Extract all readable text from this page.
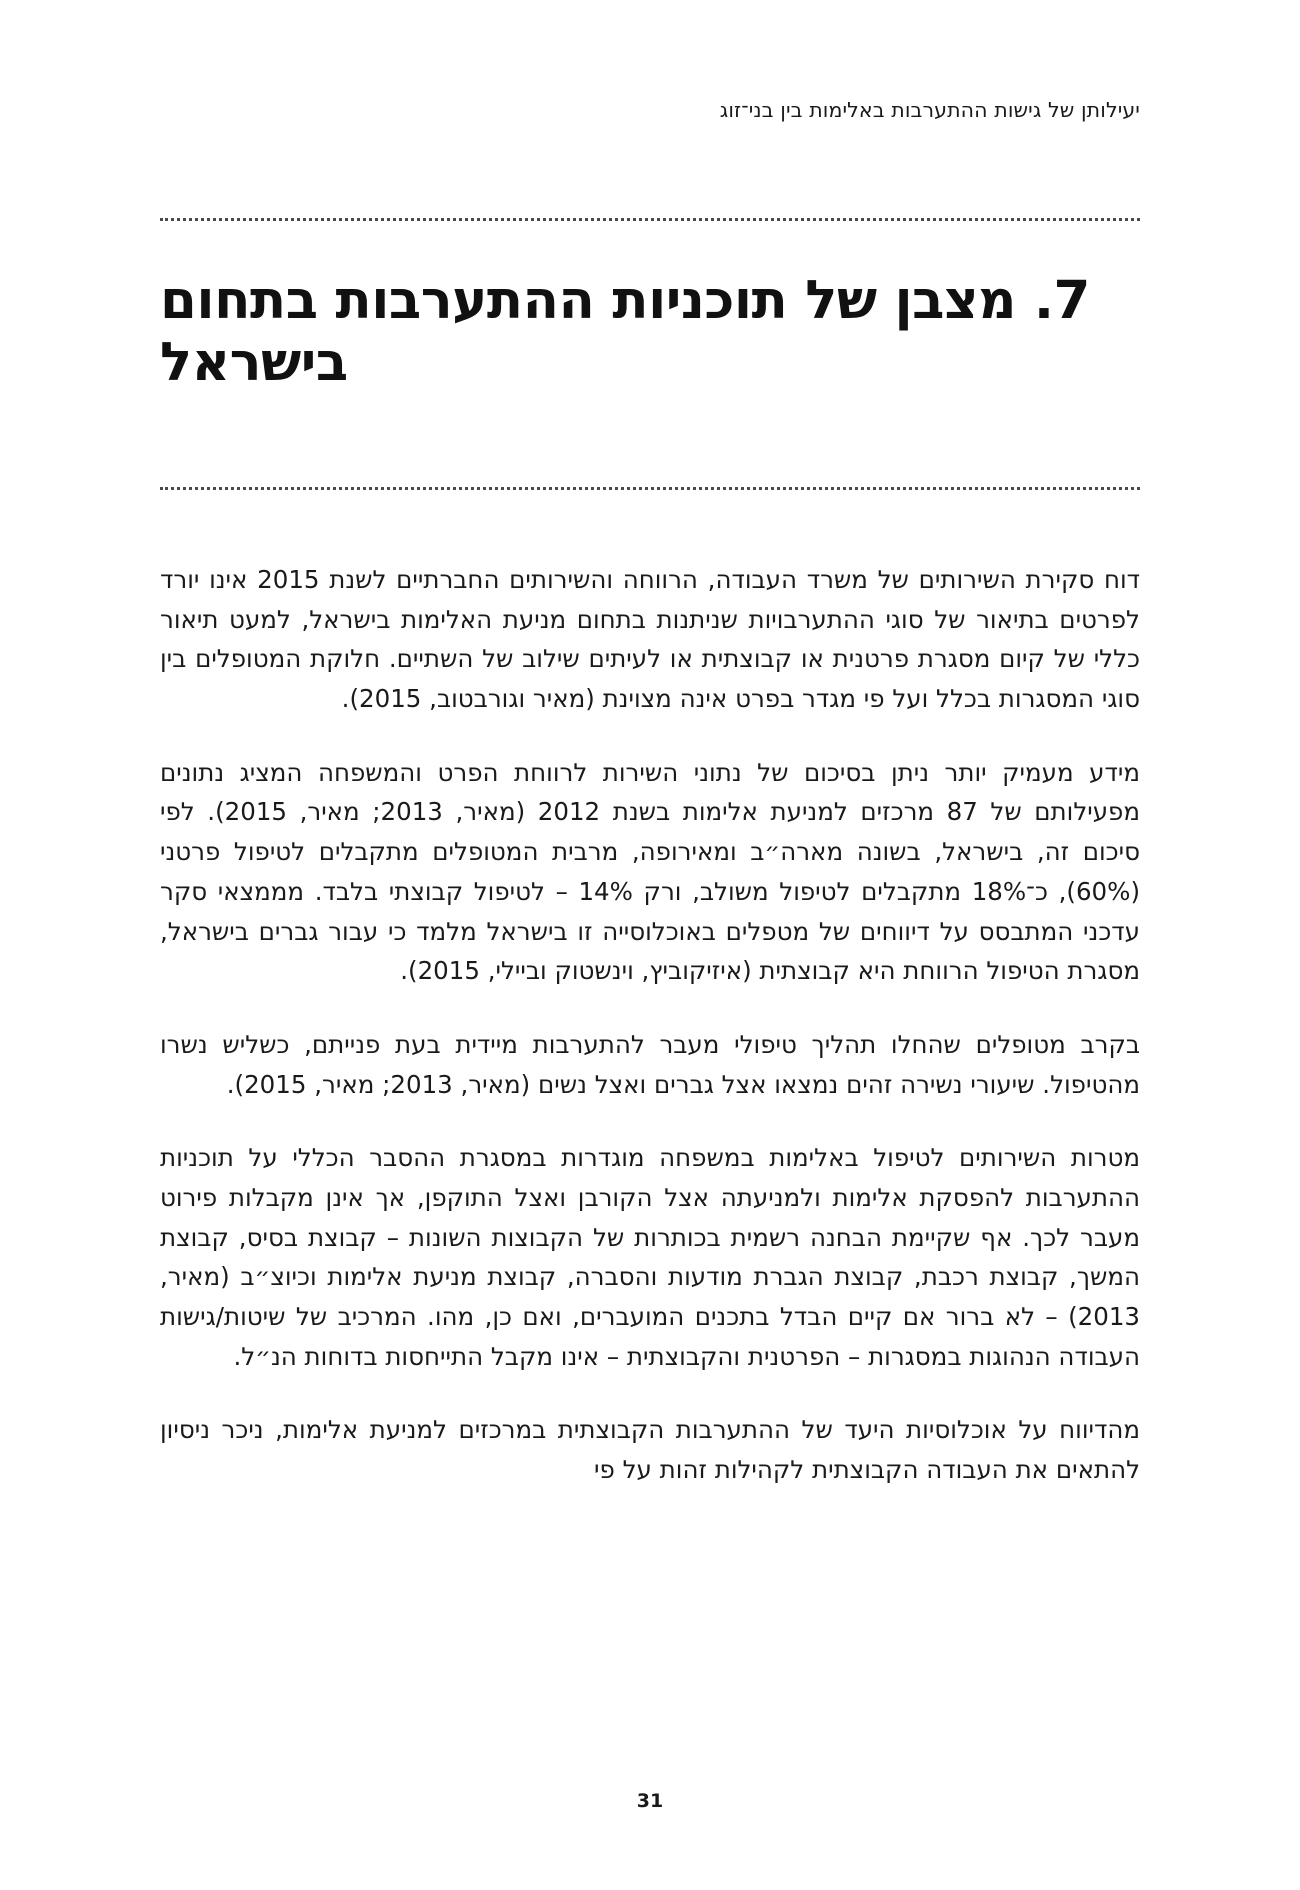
יעילותן של גישות ההתערבות באלימות בין בני־זוג
7. מצבן של תוכניות ההתערבות בתחום בישראל

דוח סקירת השירותים של משרד העבודה, הרווחה והשירותים החברתיים לשנת 2015 אינו יורד לפרטים בתיאור של סוגי ההתערבויות שניתנות בתחום מניעת האלימות בישראל, למעט תיאור כללי של קיום מסגרת פרטנית או קבוצתית או לעיתים שילוב של השתיים. חלוקת המטופלים בין סוגי המסגרות בכלל ועל פי מגדר בפרט אינה מצוינת (מאיר וגורבטוב, 2015).

מידע מעמיק יותר ניתן בסיכום של נתוני השירות לרווחת הפרט והמשפחה המציג נתונים מפעילותם של 87 מרכזים למניעת אלימות בשנת 2012 (מאיר, 2013; מאיר, 2015). לפי סיכום זה, בישראל, בשונה מארה״ב ומאירופה, מרבית המטופלים מתקבלים לטיפול פרטני (60%), כ־18% מתקבלים לטיפול משולב, ורק 14% – לטיפול קבוצתי בלבד. מממצאי סקר עדכני המתבסס על דיווחים של מטפלים באוכלוסייה זו בישראל מלמד כי עבור גברים בישראל, מסגרת הטיפול הרווחת היא קבוצתית (איזיקוביץ, וינשטוק וביילי, 2015).

בקרב מטופלים שהחלו תהליך טיפולי מעבר להתערבות מיידית בעת פנייתם, כשליש נשרו מהטיפול. שיעורי נשירה זהים נמצאו אצל גברים ואצל נשים (מאיר, 2013; מאיר, 2015).

מטרות השירותים לטיפול באלימות במשפחה מוגדרות במסגרת ההסבר הכללי על תוכניות ההתערבות להפסקת אלימות ולמניעתה אצל הקורבן ואצל התוקפן, אך אינן מקבלות פירוט מעבר לכך. אף שקיימת הבחנה רשמית בכותרות של הקבוצות השונות – קבוצת בסיס, קבוצת המשך, קבוצת רכבת, קבוצת הגברת מודעות והסברה, קבוצת מניעת אלימות וכיוצ״ב (מאיר, 2013) – לא ברור אם קיים הבדל בתכנים המועברים, ואם כן, מהו. המרכיב של שיטות/גישות העבודה הנהוגות במסגרות – הפרטנית והקבוצתית – אינו מקבל התייחסות בדוחות הנ״ל.

מהדיווח על אוכלוסיות היעד של ההתערבות הקבוצתית במרכזים למניעת אלימות, ניכר ניסיון להתאים את העבודה הקבוצתית לקהילות זהות על פי

31
